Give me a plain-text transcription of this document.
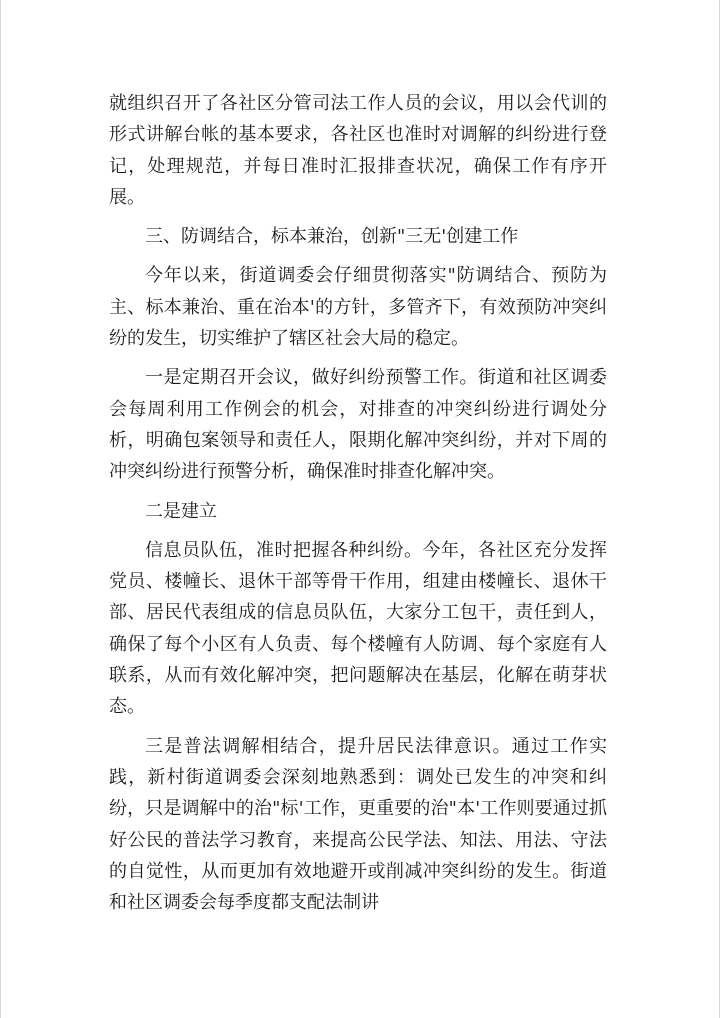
就组织召开了各社区分管司法工作人员的会议，用以会代训的形式讲解台帐的基本要求，各社区也准时对调解的纠纷进行登记，处理规范，并每日准时汇报排查状况，确保工作有序开展。

三、防调结合，标本兼治，创新"三无'创建工作

今年以来，街道调委会仔细贯彻落实"防调结合、预防为主、标本兼治、重在治本'的方针，多管齐下，有效预防冲突纠纷的发生，切实维护了辖区社会大局的稳定。

一是定期召开会议，做好纠纷预警工作。街道和社区调委会每周利用工作例会的机会，对排查的冲突纠纷进行调处分析，明确包案领导和责任人，限期化解冲突纠纷，并对下周的冲突纠纷进行预警分析，确保准时排查化解冲突。

二是建立

信息员队伍，准时把握各种纠纷。今年，各社区充分发挥党员、楼幢长、退休干部等骨干作用，组建由楼幢长、退休干部、居民代表组成的信息员队伍，大家分工包干，责任到人，确保了每个小区有人负责、每个楼幢有人防调、每个家庭有人联系，从而有效化解冲突，把问题解决在基层，化解在萌芽状态。

三是普法调解相结合，提升居民法律意识。通过工作实践，新村街道调委会深刻地熟悉到：调处已发生的冲突和纠纷，只是调解中的治"标'工作，更重要的治"本'工作则要通过抓好公民的普法学习教育，来提高公民学法、知法、用法、守法的自觉性，从而更加有效地避开或削减冲突纠纷的发生。街道和社区调委会每季度都支配法制讲
